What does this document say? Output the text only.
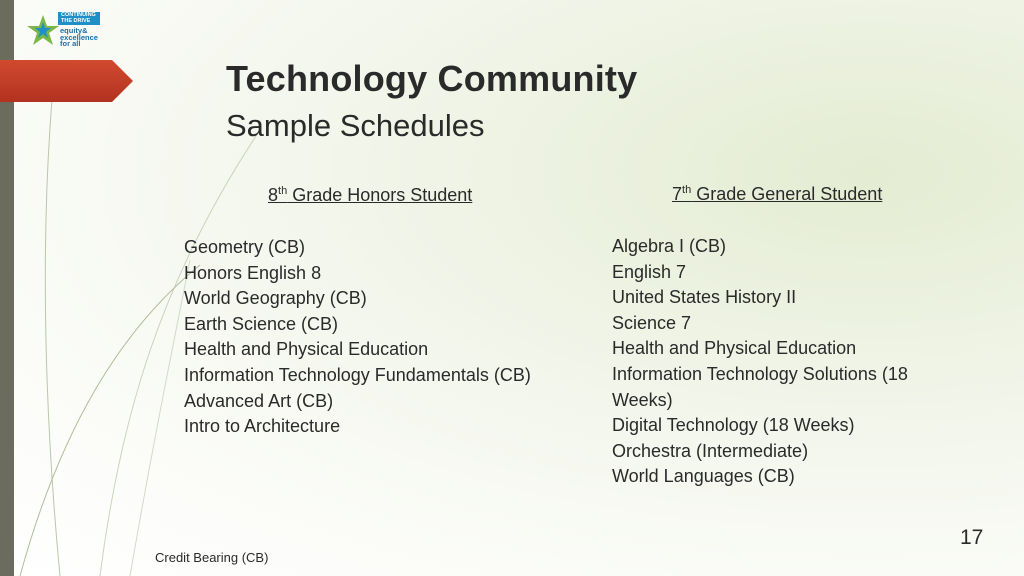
CONTINUING
THE DRIVE
equity&
excellence
for all
Technology Community
Sample Schedules
8th Grade Honors Student	7th Grade General Student
Geometry (CB)
Honors English 8
World Geography (CB)
Earth Science (CB)
Health and Physical Education
Information Technology Fundamentals (CB)
Advanced Art (CB)
Intro to Architecture
Algebra I (CB)
English 7
United States History II
Science 7
Health and Physical Education
Information Technology Solutions (18 Weeks)
Digital Technology (18 Weeks)
Orchestra (Intermediate)
World Languages (CB)
17
Credit Bearing (CB)
